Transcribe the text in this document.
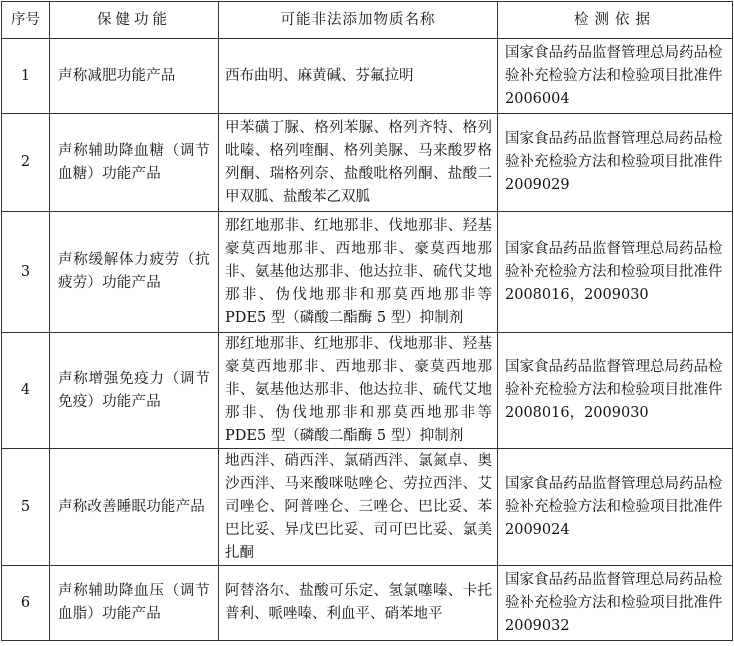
序号	保健功能	可能非法添加物质名称	检测依据
1	声称减肥功能产品	西布曲明、麻黄碱、芬氟拉明	国家食品药品监督管理总局药品检验补充检验方法和检验项目批准件 2006004
2	声称辅助降血糖（调节血糖）功能产品	甲苯磺丁脲、格列苯脲、格列齐特、格列吡嗪、格列喹酮、格列美脲、马来酸罗格列酮、瑞格列奈、盐酸吡格列酮、盐酸二甲双胍、盐酸苯乙双胍	国家食品药品监督管理总局药品检验补充检验方法和检验项目批准件 2009029
3	声称缓解体力疲劳（抗疲劳）功能产品	那红地那非、红地那非、伐地那非、羟基豪莫西地那非、西地那非、豪莫西地那非、氨基他达那非、他达拉非、硫代艾地那非、伪伐地那非和那莫西地那非等 PDE5 型（磷酸二酯酶 5 型）抑制剂	国家食品药品监督管理总局药品检验补充检验方法和检验项目批准件 2008016，2009030
4	声称增强免疫力（调节免疫）功能产品	那红地那非、红地那非、伐地那非、羟基豪莫西地那非、西地那非、豪莫西地那非、氨基他达那非、他达拉非、硫代艾地那非、伪伐地那非和那莫西地那非等 PDE5 型（磷酸二酯酶 5 型）抑制剂	国家食品药品监督管理总局药品检验补充检验方法和检验项目批准件 2008016，2009030
5	声称改善睡眠功能产品	地西泮、硝西泮、氯硝西泮、氯氮卓、奥沙西泮、马来酸咪哒唑仑、劳拉西泮、艾司唑仑、阿普唑仑、三唑仑、巴比妥、苯巴比妥、异戊巴比妥、司可巴比妥、氯美扎酮	国家食品药品监督管理总局药品检验补充检验方法和检验项目批准件 2009024
6	声称辅助降血压（调节血脂）功能产品	阿替洛尔、盐酸可乐定、氢氯噻嗪、卡托普利、哌唑嗪、利血平、硝苯地平	国家食品药品监督管理总局药品检验补充检验方法和检验项目批准件 2009032
